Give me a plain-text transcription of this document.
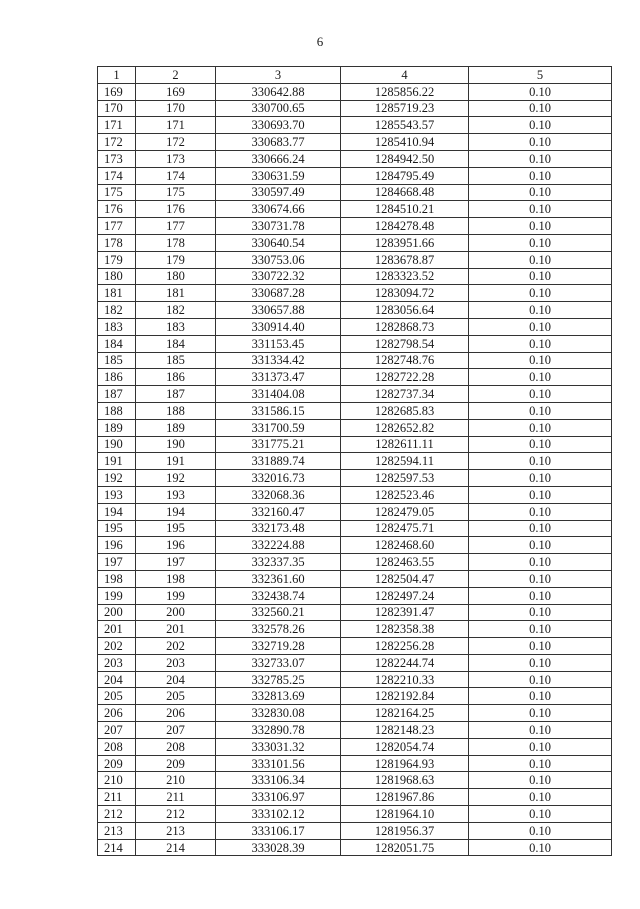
6
1	2	3	4	5
169	169	330642.88	1285856.22	0.10
170	170	330700.65	1285719.23	0.10
171	171	330693.70	1285543.57	0.10
172	172	330683.77	1285410.94	0.10
173	173	330666.24	1284942.50	0.10
174	174	330631.59	1284795.49	0.10
175	175	330597.49	1284668.48	0.10
176	176	330674.66	1284510.21	0.10
177	177	330731.78	1284278.48	0.10
178	178	330640.54	1283951.66	0.10
179	179	330753.06	1283678.87	0.10
180	180	330722.32	1283323.52	0.10
181	181	330687.28	1283094.72	0.10
182	182	330657.88	1283056.64	0.10
183	183	330914.40	1282868.73	0.10
184	184	331153.45	1282798.54	0.10
185	185	331334.42	1282748.76	0.10
186	186	331373.47	1282722.28	0.10
187	187	331404.08	1282737.34	0.10
188	188	331586.15	1282685.83	0.10
189	189	331700.59	1282652.82	0.10
190	190	331775.21	1282611.11	0.10
191	191	331889.74	1282594.11	0.10
192	192	332016.73	1282597.53	0.10
193	193	332068.36	1282523.46	0.10
194	194	332160.47	1282479.05	0.10
195	195	332173.48	1282475.71	0.10
196	196	332224.88	1282468.60	0.10
197	197	332337.35	1282463.55	0.10
198	198	332361.60	1282504.47	0.10
199	199	332438.74	1282497.24	0.10
200	200	332560.21	1282391.47	0.10
201	201	332578.26	1282358.38	0.10
202	202	332719.28	1282256.28	0.10
203	203	332733.07	1282244.74	0.10
204	204	332785.25	1282210.33	0.10
205	205	332813.69	1282192.84	0.10
206	206	332830.08	1282164.25	0.10
207	207	332890.78	1282148.23	0.10
208	208	333031.32	1282054.74	0.10
209	209	333101.56	1281964.93	0.10
210	210	333106.34	1281968.63	0.10
211	211	333106.97	1281967.86	0.10
212	212	333102.12	1281964.10	0.10
213	213	333106.17	1281956.37	0.10
214	214	333028.39	1282051.75	0.10
